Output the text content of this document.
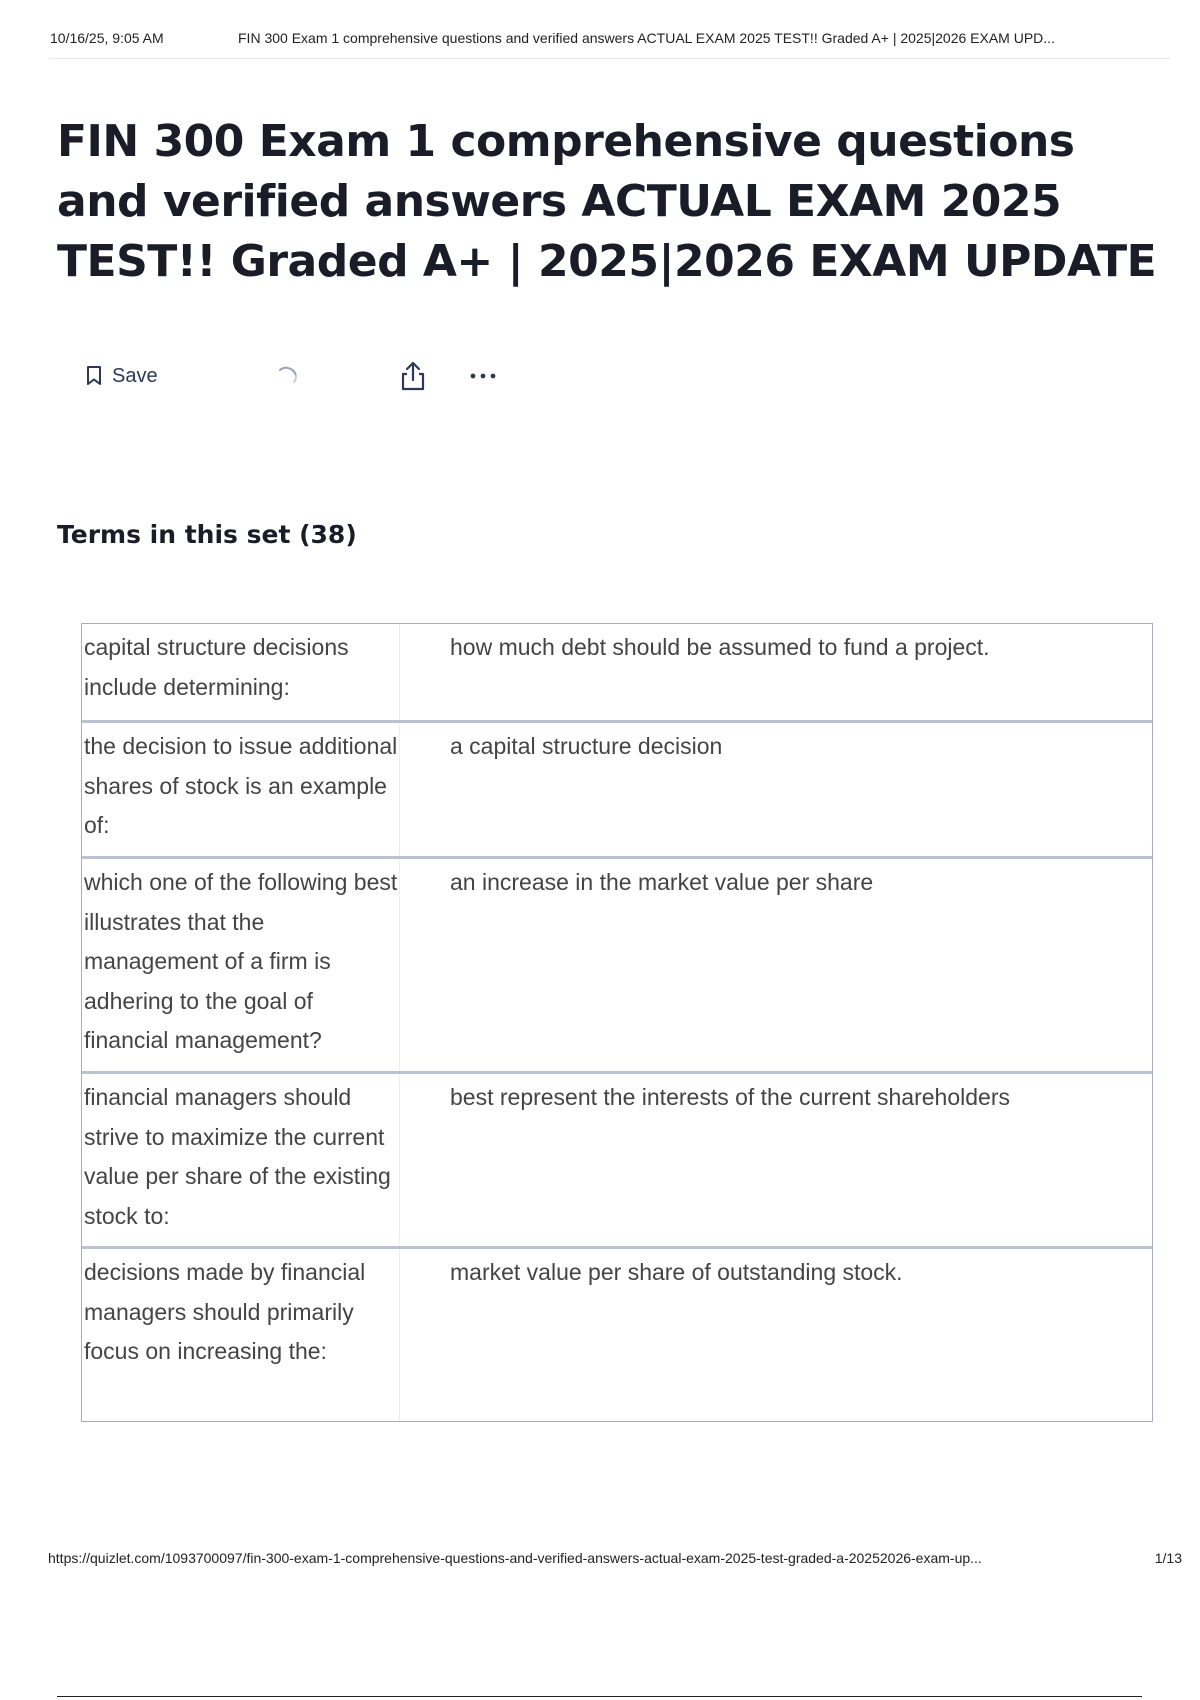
10/16/25, 9:05 AM	FIN 300 Exam 1 comprehensive questions and verified answers ACTUAL EXAM 2025 TEST!! Graded A+ | 2025|2026 EXAM UPD...
FIN 300 Exam 1 comprehensive questions and verified answers ACTUAL EXAM 2025 TEST!! Graded A+ | 2025|2026 EXAM UPDATE
Save
Terms in this set (38)
capital structure decisions include determining:
how much debt should be assumed to fund a project.
the decision to issue additional shares of stock is an example of:
a capital structure decision
which one of the following best illustrates that the management of a firm is adhering to the goal of financial management?
an increase in the market value per share
financial managers should strive to maximize the current value per share of the existing stock to:
best represent the interests of the current shareholders
decisions made by financial managers should primarily focus on increasing the:
market value per share of outstanding stock.
https://quizlet.com/1093700097/fin-300-exam-1-comprehensive-questions-and-verified-answers-actual-exam-2025-test-graded-a-20252026-exam-up...	1/13
